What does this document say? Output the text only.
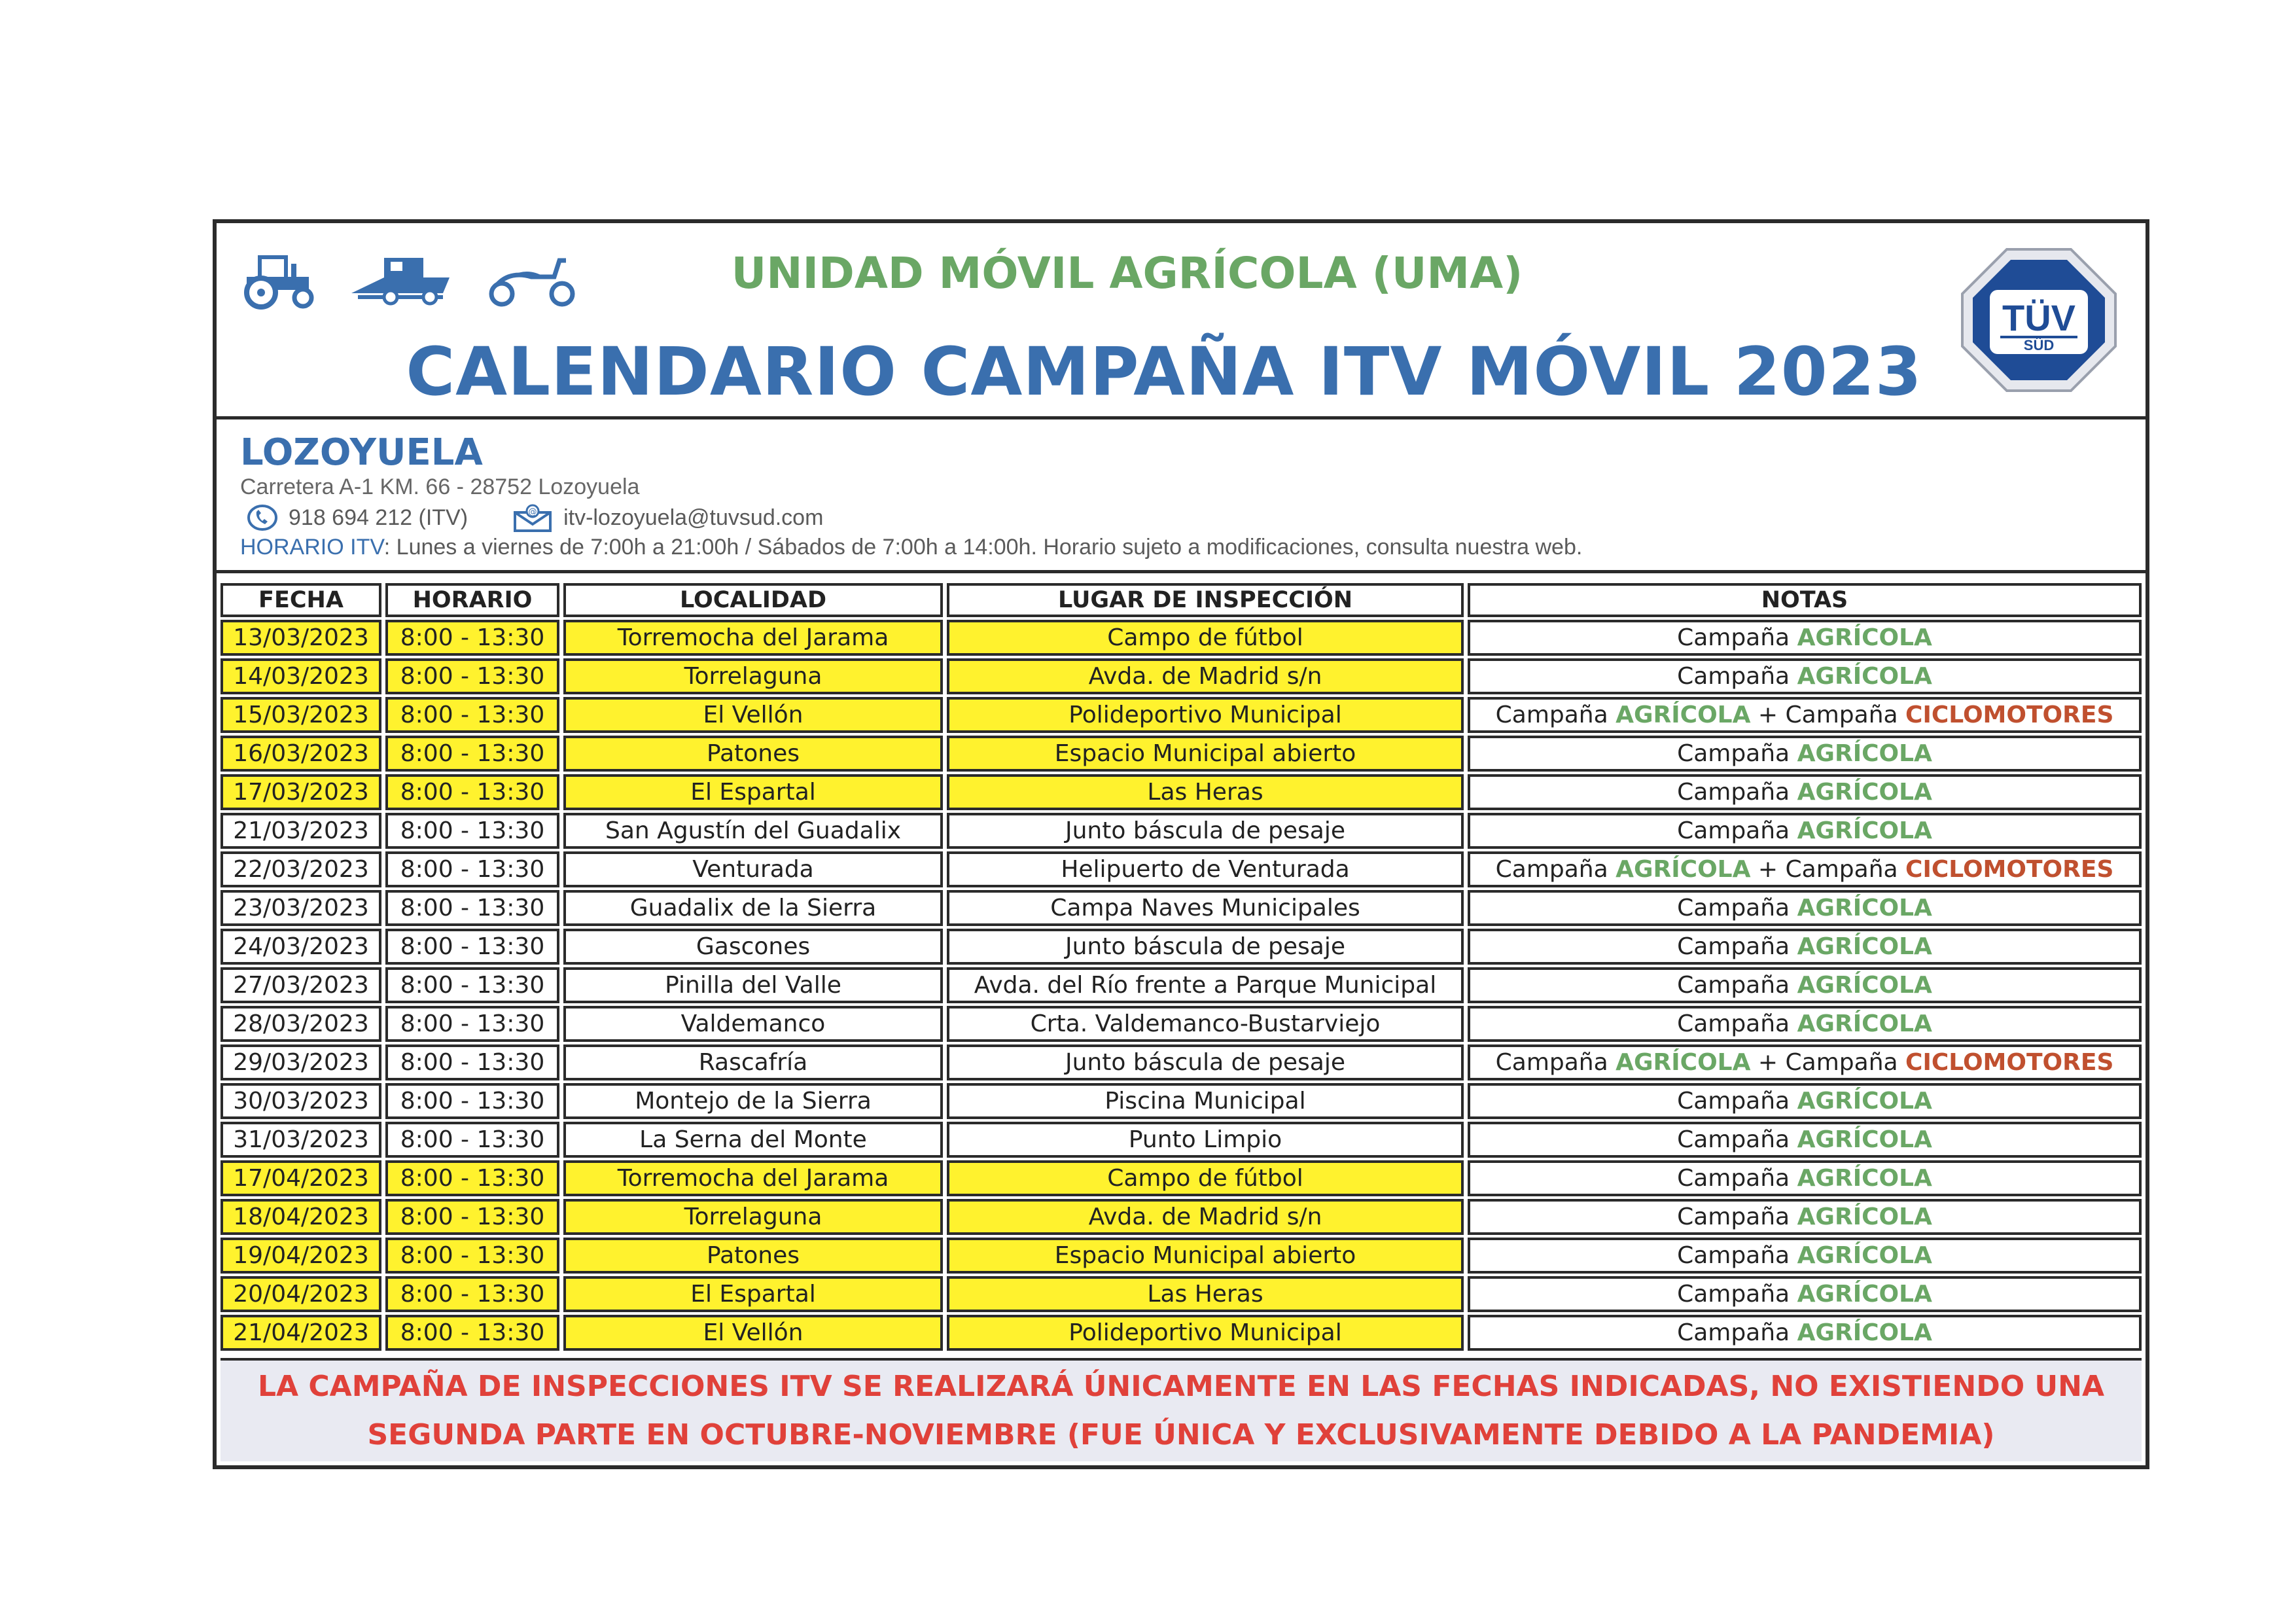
UNIDAD MÓVIL AGRÍCOLA (UMA)
CALENDARIO CAMPAÑA ITV MÓVIL 2023
TÜV
SÜD
LOZOYUELA
Carretera A-1 KM. 66 - 28752 Lozoyuela
918 694 212 (ITV)	@ itv-lozoyuela@tuvsud.com
HORARIO ITV: Lunes a viernes de 7:00h a 21:00h / Sábados de 7:00h a 14:00h. Horario sujeto a modificaciones, consulta nuestra web.
FECHA	HORARIO	LOCALIDAD	LUGAR DE INSPECCIÓN	NOTAS
13/03/2023	8:00 - 13:30	Torremocha del Jarama	Campo de fútbol	Campaña AGRÍCOLA
14/03/2023	8:00 - 13:30	Torrelaguna	Avda. de Madrid s/n	Campaña AGRÍCOLA
15/03/2023	8:00 - 13:30	El Vellón	Polideportivo Municipal	Campaña AGRÍCOLA + Campaña CICLOMOTORES
16/03/2023	8:00 - 13:30	Patones	Espacio Municipal abierto	Campaña AGRÍCOLA
17/03/2023	8:00 - 13:30	El Espartal	Las Heras	Campaña AGRÍCOLA
21/03/2023	8:00 - 13:30	San Agustín del Guadalix	Junto báscula de pesaje	Campaña AGRÍCOLA
22/03/2023	8:00 - 13:30	Venturada	Helipuerto de Venturada	Campaña AGRÍCOLA + Campaña CICLOMOTORES
23/03/2023	8:00 - 13:30	Guadalix de la Sierra	Campa Naves Municipales	Campaña AGRÍCOLA
24/03/2023	8:00 - 13:30	Gascones	Junto báscula de pesaje	Campaña AGRÍCOLA
27/03/2023	8:00 - 13:30	Pinilla del Valle	Avda. del Río frente a Parque Municipal	Campaña AGRÍCOLA
28/03/2023	8:00 - 13:30	Valdemanco	Crta. Valdemanco-Bustarviejo	Campaña AGRÍCOLA
29/03/2023	8:00 - 13:30	Rascafría	Junto báscula de pesaje	Campaña AGRÍCOLA + Campaña CICLOMOTORES
30/03/2023	8:00 - 13:30	Montejo de la Sierra	Piscina Municipal	Campaña AGRÍCOLA
31/03/2023	8:00 - 13:30	La Serna del Monte	Punto Limpio	Campaña AGRÍCOLA
17/04/2023	8:00 - 13:30	Torremocha del Jarama	Campo de fútbol	Campaña AGRÍCOLA
18/04/2023	8:00 - 13:30	Torrelaguna	Avda. de Madrid s/n	Campaña AGRÍCOLA
19/04/2023	8:00 - 13:30	Patones	Espacio Municipal abierto	Campaña AGRÍCOLA
20/04/2023	8:00 - 13:30	El Espartal	Las Heras	Campaña AGRÍCOLA
21/04/2023	8:00 - 13:30	El Vellón	Polideportivo Municipal	Campaña AGRÍCOLA
LA CAMPAÑA DE INSPECCIONES ITV SE REALIZARÁ ÚNICAMENTE EN LAS FECHAS INDICADAS, NO EXISTIENDO UNA
SEGUNDA PARTE EN OCTUBRE-NOVIEMBRE (FUE ÚNICA Y EXCLUSIVAMENTE DEBIDO A LA PANDEMIA)
